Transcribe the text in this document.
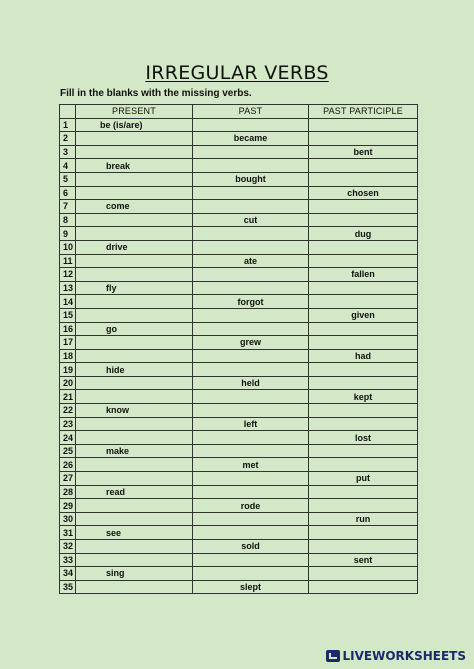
IRREGULAR VERBS
Fill in the blanks with the missing verbs.
	PRESENT	PAST	PAST PARTICIPLE
1	be (is/are)		
2		became	
3			bent
4	break		
5		bought	
6			chosen
7	come		
8		cut	
9			dug
10	drive		
11		ate	
12			fallen
13	fly		
14		forgot	
15			given
16	go		
17		grew	
18			had
19	hide		
20		held	
21			kept
22	know		
23		left	
24			lost
25	make		
26		met	
27			put
28	read		
29		rode	
30			run
31	see		
32		sold	
33			sent
34	sing		
35		slept	
LIVEWORKSHEETS
